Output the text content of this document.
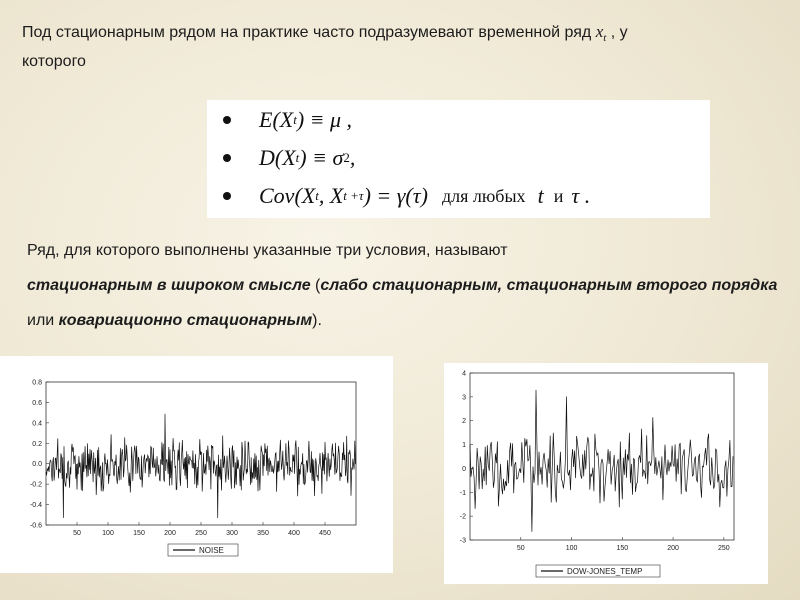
Под стационарным рядом на практике часто подразумевают временной ряд $x_t$ , у
которого
E(X t ) ≡ μ ,
D(X t ) ≡ σ 2 ,
Cov(X t , X t +τ ) = γ(τ) для любых t и τ .
Ряд, для которого выполнены указанные три условия, называют
стационарным в широком смысле (слабо стационарным, стационарным второго порядка или ковариационно стационарным).
0.8
0.6
0.4
0.2
0.0
-0.2
-0.4
-0.6
50	100	150	200	250	300	350	400	450
NOISE
4
3
2
1
0
-1
-2
-3
50	100	150	200	250
DOW-JONES_TEMP
